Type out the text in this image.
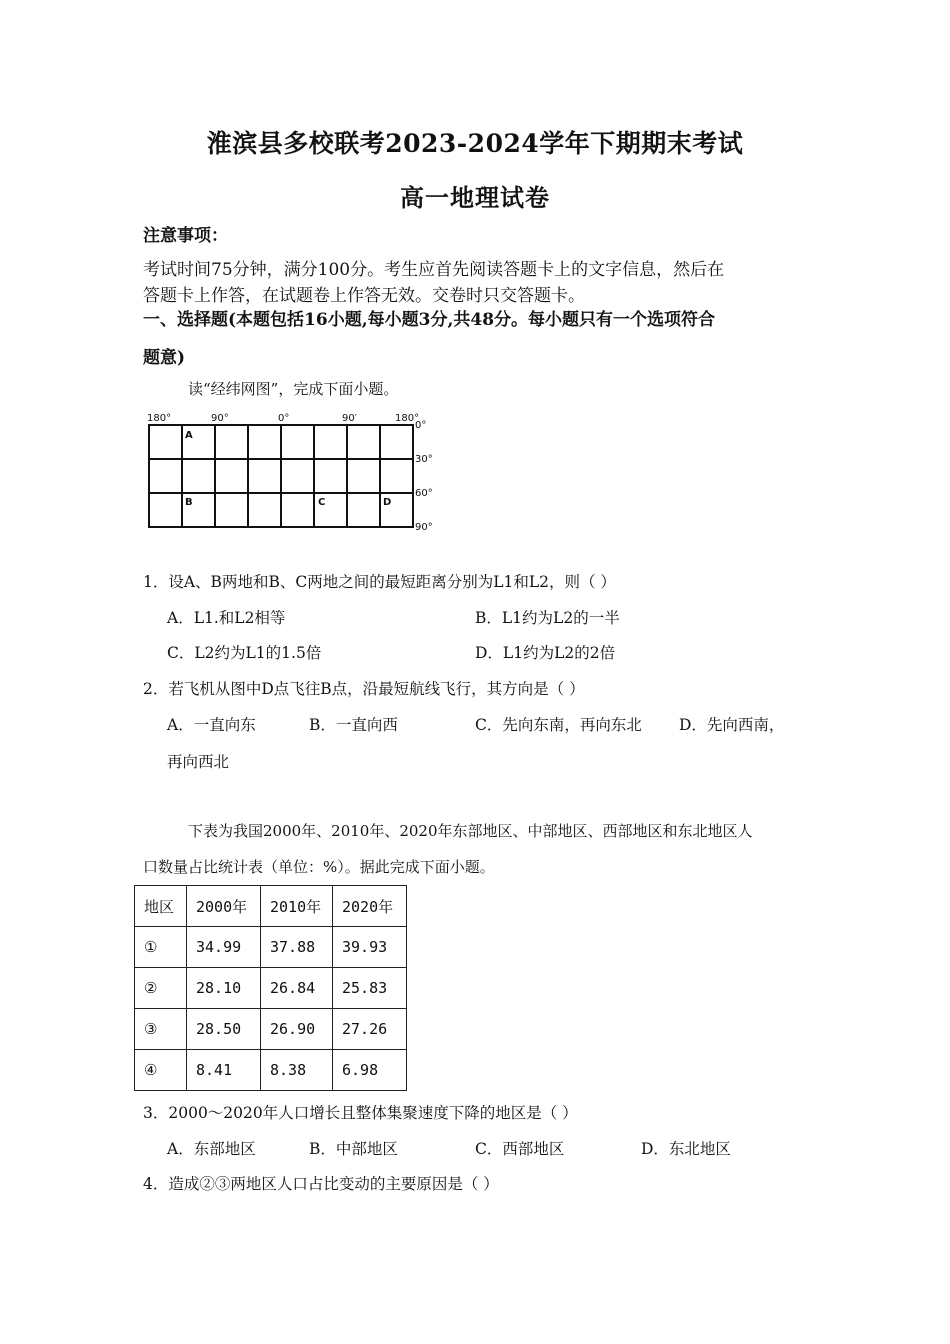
淮滨县多校联考2023-2024学年下期期末考试
高一地理试卷
注意事项：
考试时间75分钟，满分100分。考生应首先阅读答题卡上的文字信息，然后在
答题卡上作答，在试题卷上作答无效。交卷时只交答题卡。
一、选择题(本题包括16小题,每小题3分,共48分。每小题只有一个选项符合
题意)
读“经纬网图”，完成下面小题。
180°	90°	0°	90′	180°
0°
30°
60°
90°
A
B	C	D
1．设A、B两地和B、C两地之间的最短距离分别为L1和L2，则（ ）
A．L1.和L2相等	B．L1约为L2的一半
C．L2约为L1的1.5倍	D．L1约为L2的2倍
2．若飞机从图中D点飞往B点，沿最短航线飞行，其方向是（ ）
A．一直向东	B．一直向西	C．先向东南，再向东北 D．先向西南，
再向西北
下表为我国2000年、2010年、2020年东部地区、中部地区、西部地区和东北地区人
口数量占比统计表（单位：%）。据此完成下面小题。
地区	2000年	2010年	2020年
①	34.99	37.88	39.93
②	28.10	26.84	25.83
③	28.50	26.90	27.26
④	8.41	8.38	6.98
3．2000～2020年人口增长且整体集聚速度下降的地区是（ ）
A．东部地区	B．中部地区	C．西部地区	D．东北地区
4．造成②③两地区人口占比变动的主要原因是（ ）
